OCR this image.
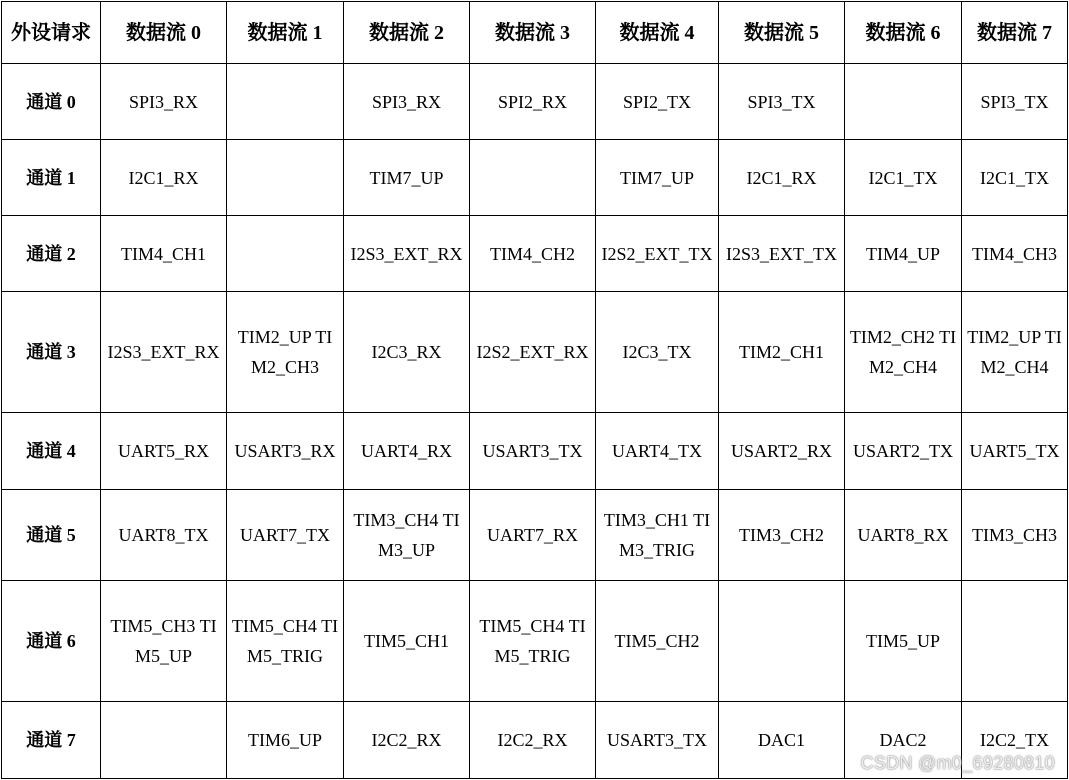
外设请求	数据流 0	数据流 1	数据流 2	数据流 3	数据流 4	数据流 5	数据流 6	数据流 7
通道 0	SPI3_RX		SPI3_RX	SPI2_RX	SPI2_TX	SPI3_TX		SPI3_TX
通道 1	I2C1_RX		TIM7_UP		TIM7_UP	I2C1_RX	I2C1_TX	I2C1_TX
通道 2	TIM4_CH1		I2S3_EXT_RX	TIM4_CH2	I2S2_EXT_TX	I2S3_EXT_TX	TIM4_UP	TIM4_CH3
通道 3	I2S3_EXT_RX	TIM2_UP TIM2_CH3	I2C3_RX	I2S2_EXT_RX	I2C3_TX	TIM2_CH1	TIM2_CH2 TIM2_CH4	TIM2_UP TIM2_CH4
通道 4	UART5_RX	USART3_RX	UART4_RX	USART3_TX	UART4_TX	USART2_RX	USART2_TX	UART5_TX
通道 5	UART8_TX	UART7_TX	TIM3_CH4 TIM3_UP	UART7_RX	TIM3_CH1 TIM3_TRIG	TIM3_CH2	UART8_RX	TIM3_CH3
通道 6	TIM5_CH3 TIM5_UP	TIM5_CH4 TIM5_TRIG	TIM5_CH1	TIM5_CH4 TIM5_TRIG	TIM5_CH2		TIM5_UP	
通道 7		TIM6_UP	I2C2_RX	I2C2_RX	USART3_TX	DAC1	DAC2	I2C2_TX
CSDN @m0_69280810
